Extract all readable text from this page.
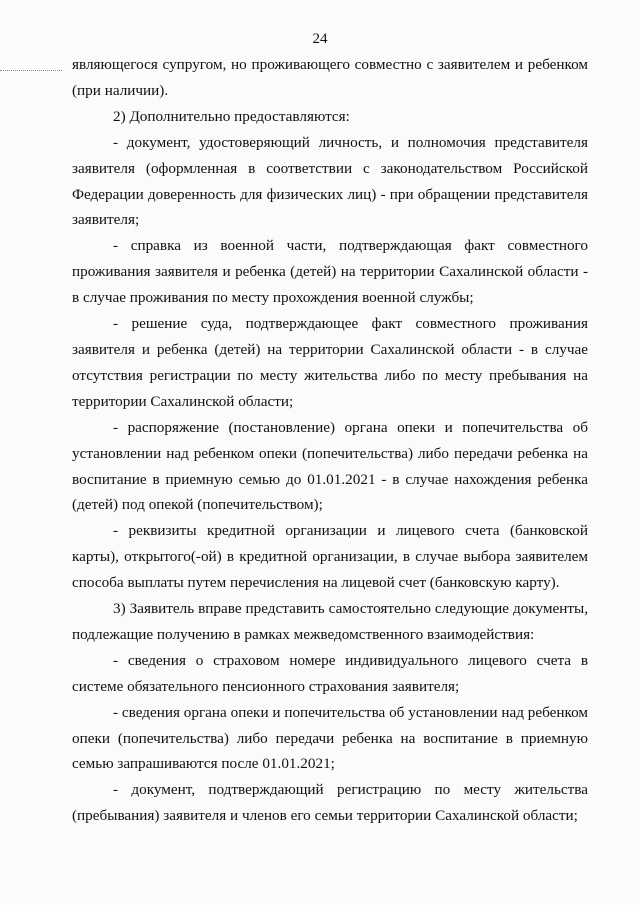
24

являющегося супругом, но проживающего совместно с заявителем и ребенком (при наличии).

2) Дополнительно предоставляются:

- документ, удостоверяющий личность, и полномочия представителя заявителя (оформленная в соответствии с законодательством Российской Федерации доверенность для физических лиц) - при обращении представителя заявителя;

- справка из военной части, подтверждающая факт совместного проживания заявителя и ребенка (детей) на территории Сахалинской области - в случае проживания по месту прохождения военной службы;

- решение суда, подтверждающее факт совместного проживания заявителя и ребенка (детей) на территории Сахалинской области - в случае отсутствия регистрации по месту жительства либо по месту пребывания на территории Сахалинской области;

- распоряжение (постановление) органа опеки и попечительства об установлении над ребенком опеки (попечительства) либо передачи ребенка на воспитание в приемную семью до 01.01.2021 - в случае нахождения ребенка (детей) под опекой (попечительством);

- реквизиты кредитной организации и лицевого счета (банковской карты), открытого(-ой) в кредитной организации, в случае выбора заявителем способа выплаты путем перечисления на лицевой счет (банковскую карту).

3) Заявитель вправе представить самостоятельно следующие документы, подлежащие получению в рамках межведомственного взаимодействия:

- сведения о страховом номере индивидуального лицевого счета в системе обязательного пенсионного страхования заявителя;

- сведения органа опеки и попечительства об установлении над ребенком опеки (попечительства) либо передачи ребенка на воспитание в приемную семью запрашиваются после 01.01.2021;

- документ, подтверждающий регистрацию по месту жительства (пребывания) заявителя и членов его семьи территории Сахалинской области;
